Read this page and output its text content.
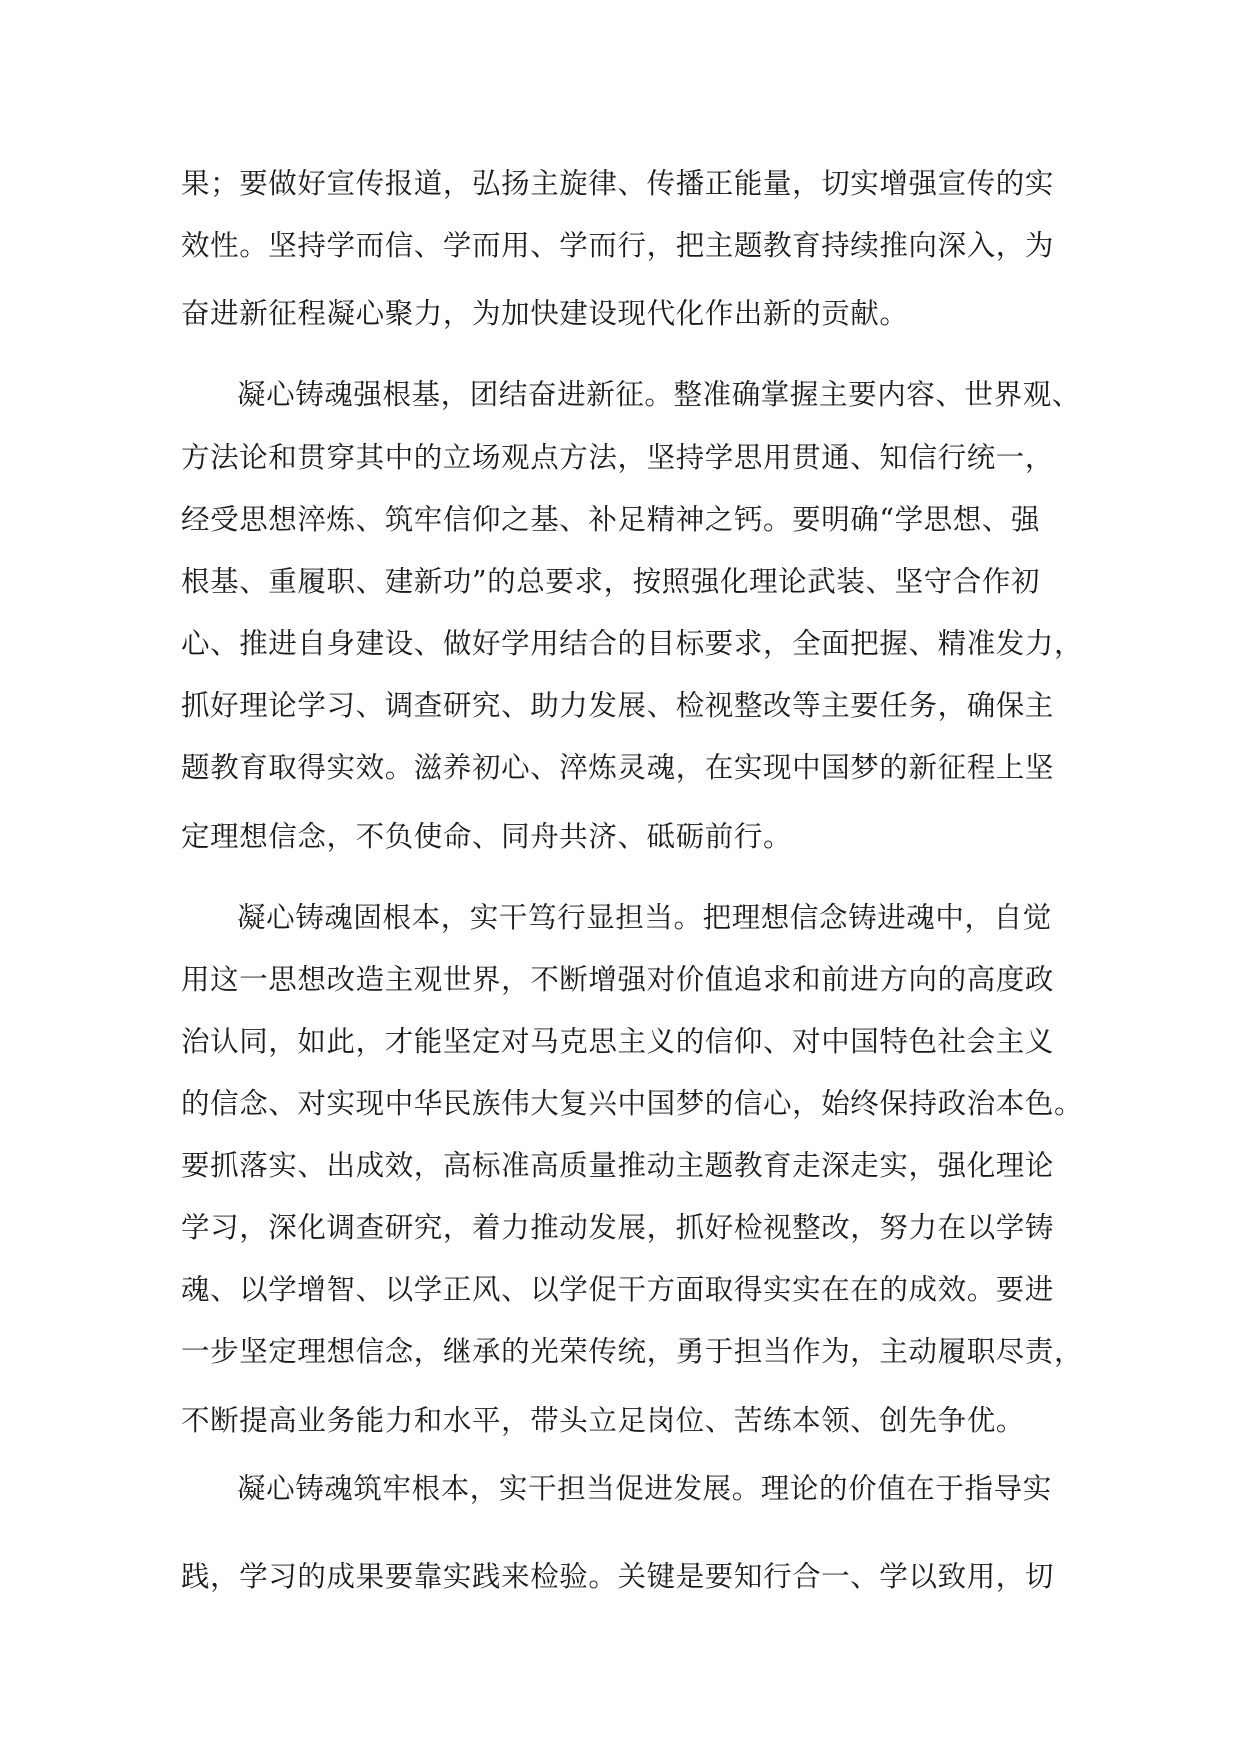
果；要做好宣传报道，弘扬主旋律、传播正能量，切实增强宣传的实
效性。坚持学而信、学而用、学而行，把主题教育持续推向深入，为
奋进新征程凝心聚力，为加快建设现代化作出新的贡献。
凝心铸魂强根基，团结奋进新征。整准确掌握主要内容、世界观、
方法论和贯穿其中的立场观点方法，坚持学思用贯通、知信行统一，
经受思想淬炼、筑牢信仰之基、补足精神之钙。要明确“学思想、强
根基、重履职、建新功”的总要求，按照强化理论武装、坚守合作初
心、推进自身建设、做好学用结合的目标要求，全面把握、精准发力，
抓好理论学习、调查研究、助力发展、检视整改等主要任务，确保主
题教育取得实效。滋养初心、淬炼灵魂，在实现中国梦的新征程上坚
定理想信念，不负使命、同舟共济、砥砺前行。
凝心铸魂固根本，实干笃行显担当。把理想信念铸进魂中，自觉
用这一思想改造主观世界，不断增强对价值追求和前进方向的高度政
治认同，如此，才能坚定对马克思主义的信仰、对中国特色社会主义
的信念、对实现中华民族伟大复兴中国梦的信心，始终保持政治本色。
要抓落实、出成效，高标准高质量推动主题教育走深走实，强化理论
学习，深化调查研究，着力推动发展，抓好检视整改，努力在以学铸
魂、以学增智、以学正风、以学促干方面取得实实在在的成效。要进
一步坚定理想信念，继承的光荣传统，勇于担当作为，主动履职尽责，
不断提高业务能力和水平，带头立足岗位、苦练本领、创先争优。
凝心铸魂筑牢根本，实干担当促进发展。理论的价值在于指导实
践，学习的成果要靠实践来检验。关键是要知行合一、学以致用，切
